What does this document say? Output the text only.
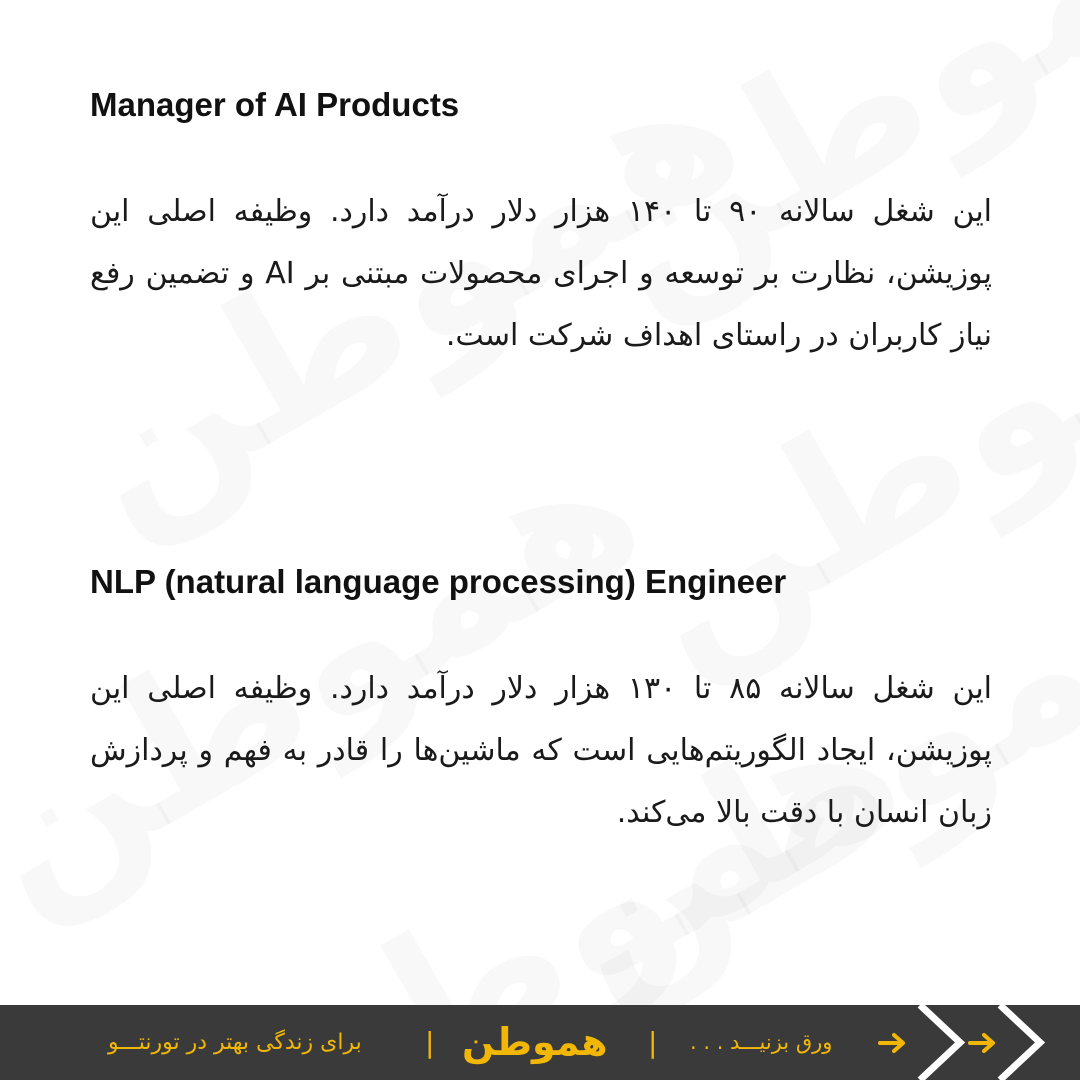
Manager of AI Products

این شغل سالانه ۹۰ تا ۱۴۰ هزار دلار درآمد دارد. وظیفه اصلی این پوزیشن، نظارت بر توسعه و اجرای محصولات مبتنی بر AI و تضمین رفع نیاز کاربران در راستای اهداف شرکت است.

NLP (natural language processing) Engineer

این شغل سالانه ۸۵ تا ۱۳۰ هزار دلار درآمد دارد. وظیفه اصلی این پوزیشن، ایجاد الگوریتم‌هایی است که ماشین‌ها را قادر به فهم و پردازش زبان انسان با دقت بالا می‌کند.

برای زندگی بهتر در تورنتـــو | هموطن | ورق بزنیـــد . . .
